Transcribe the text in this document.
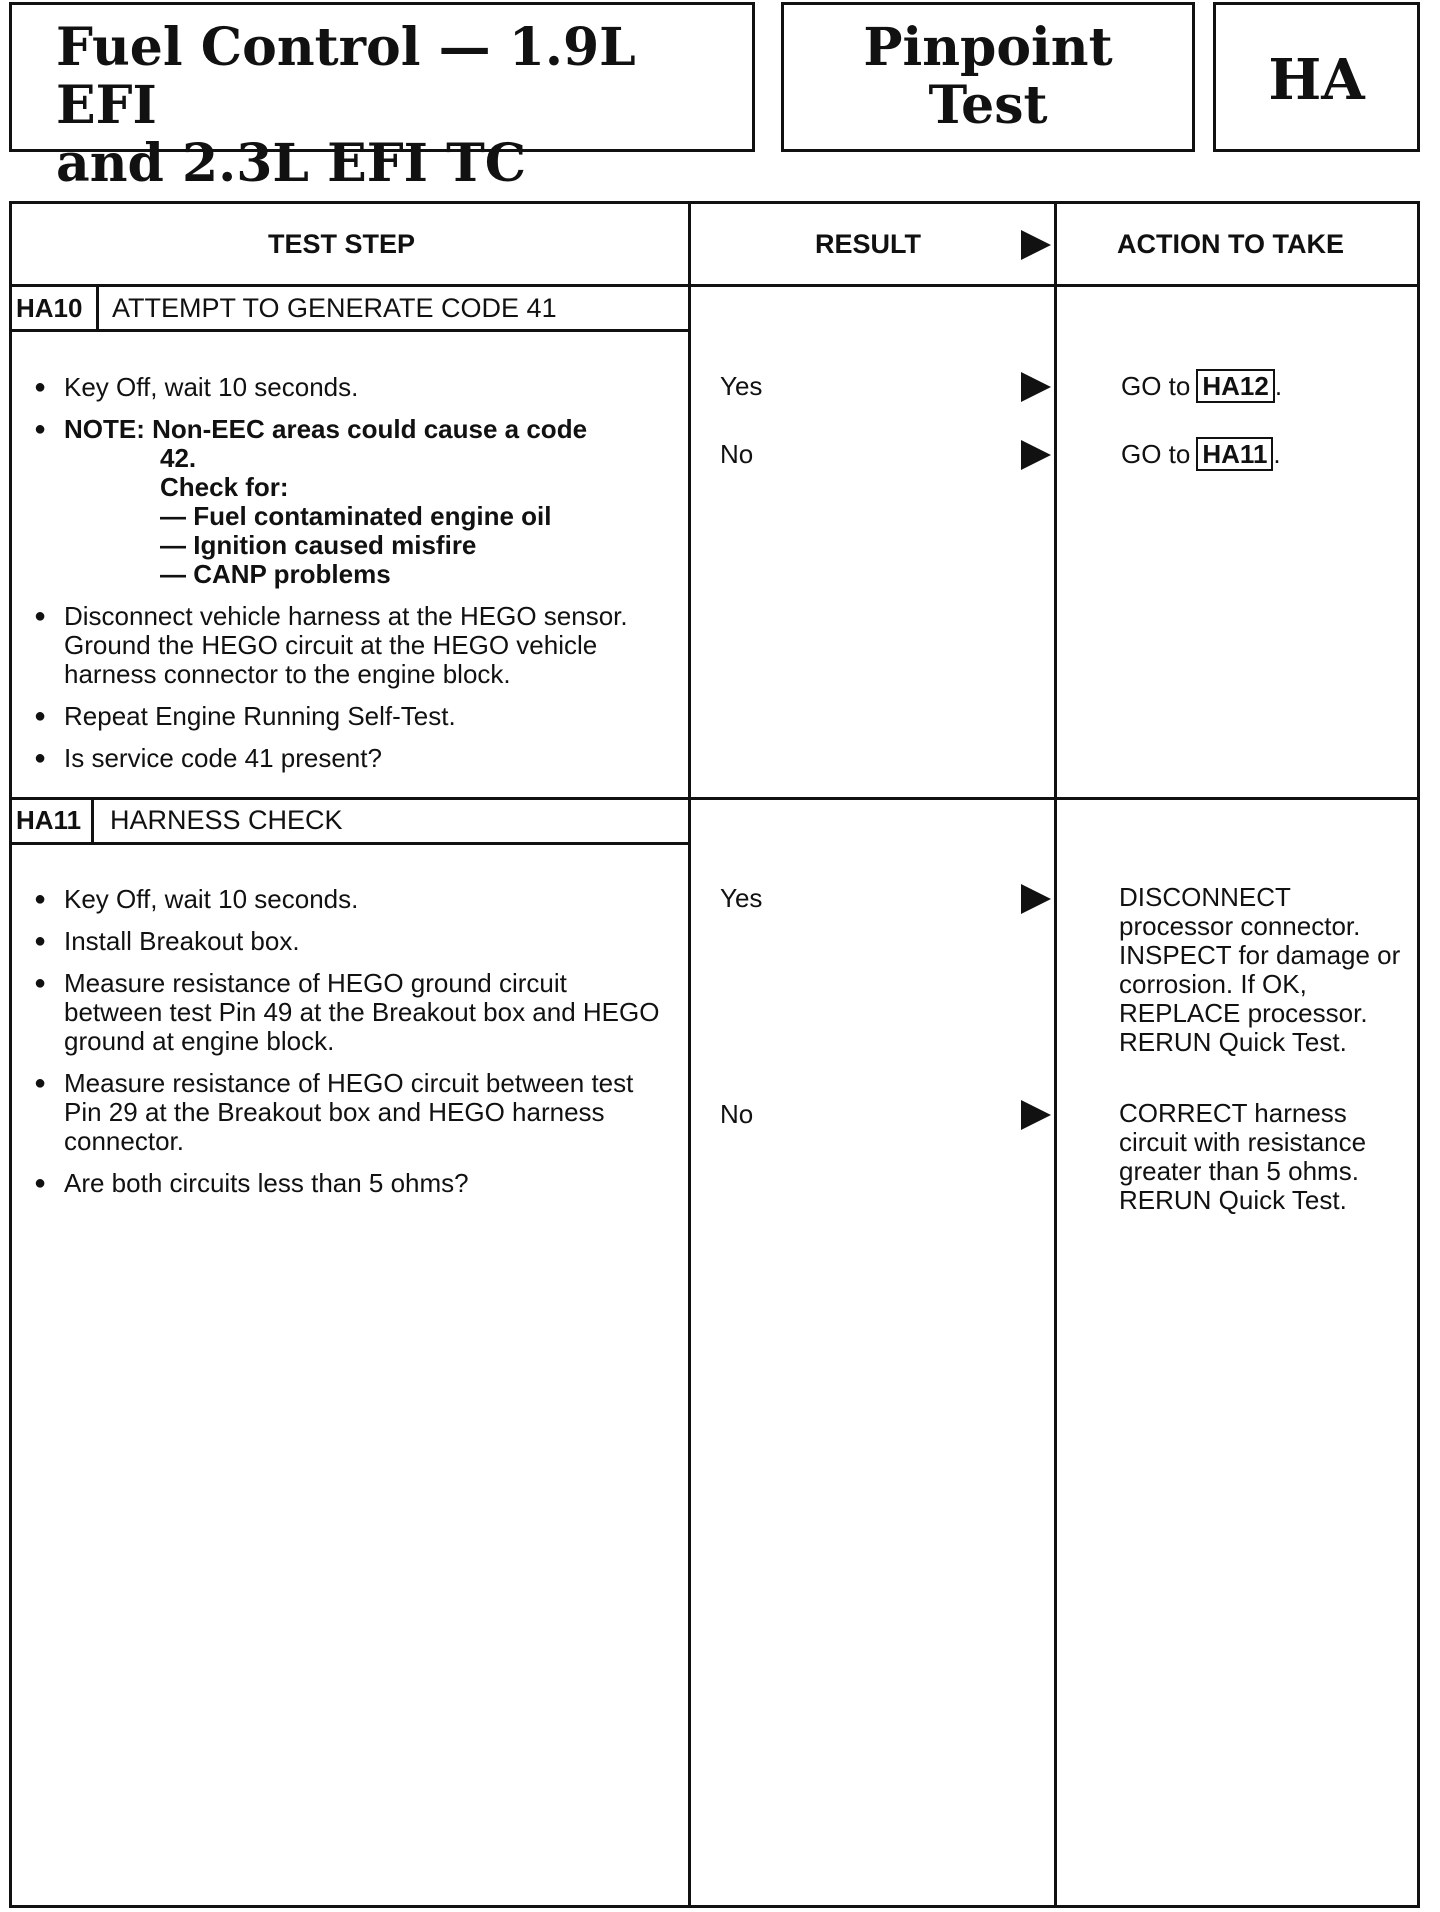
Fuel Control — 1.9L EFI
and 2.3L EFI TC
Pinpoint
Test	HA
TEST STEP	RESULT	ACTION TO TAKE
HA10 ATTEMPT TO GENERATE CODE 41
● Key Off, wait 10 seconds.
● NOTE: Non-EEC areas could cause a code
42.
Check for:
— Fuel contaminated engine oil
— Ignition caused misfire
— CANP problems
● Disconnect vehicle harness at the HEGO sensor. Ground the HEGO circuit at the HEGO vehicle harness connector to the engine block.
● Repeat Engine Running Self-Test.
● Is service code 41 present?
Yes	GO to HA12 .
No	GO to HA11 .
HA11 HARNESS CHECK
● Key Off, wait 10 seconds.
● Install Breakout box.
● Measure resistance of HEGO ground circuit between test Pin 49 at the Breakout box and HEGO ground at engine block.
● Measure resistance of HEGO circuit between test Pin 29 at the Breakout box and HEGO harness connector.
● Are both circuits less than 5 ohms?
Yes	DISCONNECT processor connector. INSPECT for damage or corrosion. If OK, REPLACE processor. RERUN Quick Test.
No	CORRECT harness circuit with resistance greater than 5 ohms. RERUN Quick Test.
